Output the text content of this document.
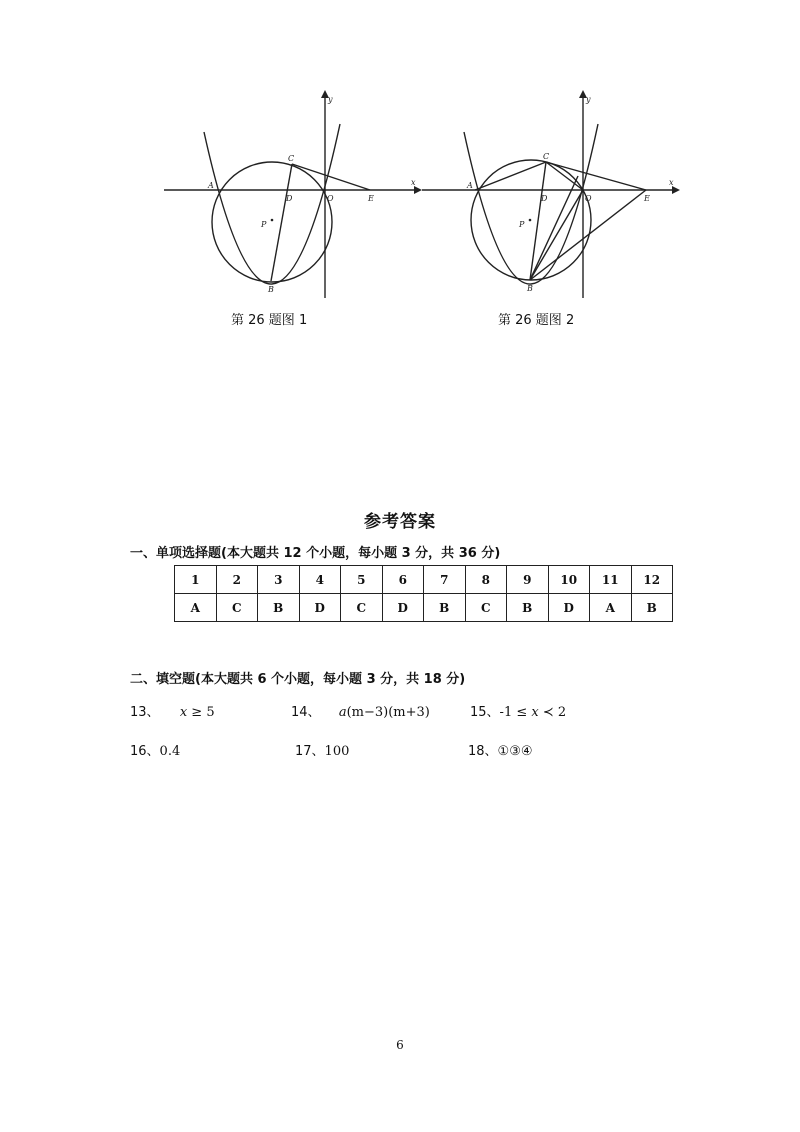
y
x
A
C
D	O	E
P
B
第 26 题图 1
y
x
A
C
D	O	E
P
B
第 26 题图 2
参考答案
一、单项选择题(本大题共 12 个小题，每小题 3 分，共 36 分)
1	2	3	4	5	6	7	8	9	10	11	12
A	C	B	D	C	D	B	C	B	D	A	B
二、填空题(本大题共 6 个小题，每小题 3 分，共 18 分)
13、 x ≥ 5	14、 a(m−3)(m+3)	15、-1 ≤ x ≺ 2
16、0.4	17、100	18、①③④
6
